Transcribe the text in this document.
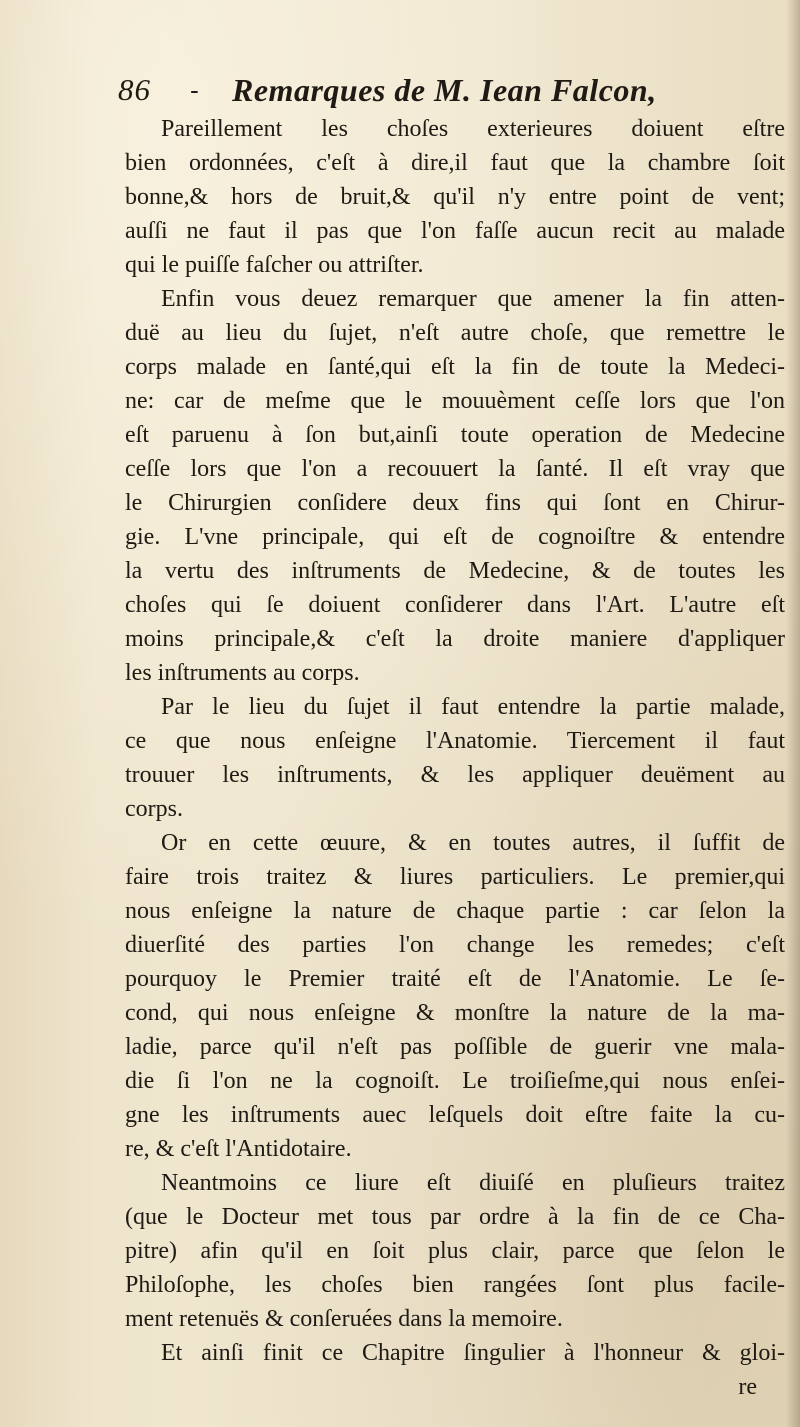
86 - Remarques de M. Iean Falcon,
Pareillement les choſes exterieures doiuent eſtre
bien ordonnées, c'eſt à dire,il faut que la chambre ſoit
bonne,& hors de bruit,& qu'il n'y entre point de vent;
auſſi ne faut il pas que l'on faſſe aucun recit au malade
qui le puiſſe faſcher ou attriſter.
Enfin vous deuez remarquer que amener la fin atten-
duë au lieu du ſujet, n'eſt autre choſe, que remettre le
corps malade en ſanté,qui eſt la fin de toute la Medeci-
ne: car de meſme que le mouuèment ceſſe lors que l'on
eſt paruenu à ſon but,ainſi toute operation de Medecine
ceſſe lors que l'on a recouuert la ſanté. Il eſt vray que
le Chirurgien conſidere deux fins qui ſont en Chirur-
gie. L'vne principale, qui eſt de cognoiſtre & entendre
la vertu des inſtruments de Medecine, & de toutes les
choſes qui ſe doiuent conſiderer dans l'Art. L'autre eſt
moins principale,& c'eſt la droite maniere d'appliquer
les inſtruments au corps.
Par le lieu du ſujet il faut entendre la partie malade,
ce que nous enſeigne l'Anatomie. Tiercement il faut
trouuer les inſtruments, & les appliquer deuëment au
corps.
Or en cette œuure, & en toutes autres, il ſuffit de
faire trois traitez & liures particuliers. Le premier,qui
nous enſeigne la nature de chaque partie : car ſelon la
diuerſité des parties l'on change les remedes; c'eſt
pourquoy le Premier traité eſt de l'Anatomie. Le ſe-
cond, qui nous enſeigne & monſtre la nature de la ma-
ladie, parce qu'il n'eſt pas poſſible de guerir vne mala-
die ſi l'on ne la cognoiſt. Le troiſieſme,qui nous enſei-
gne les inſtruments auec leſquels doit eſtre faite la cu-
re, & c'eſt l'Antidotaire.
Neantmoins ce liure eſt diuiſé en pluſieurs traitez
(que le Docteur met tous par ordre à la fin de ce Cha-
pitre) afin qu'il en ſoit plus clair, parce que ſelon le
Philoſophe, les choſes bien rangées ſont plus facile-
ment retenuës & conſeruées dans la memoire.
Et ainſi finit ce Chapitre ſingulier à l'honneur & gloi-
re
